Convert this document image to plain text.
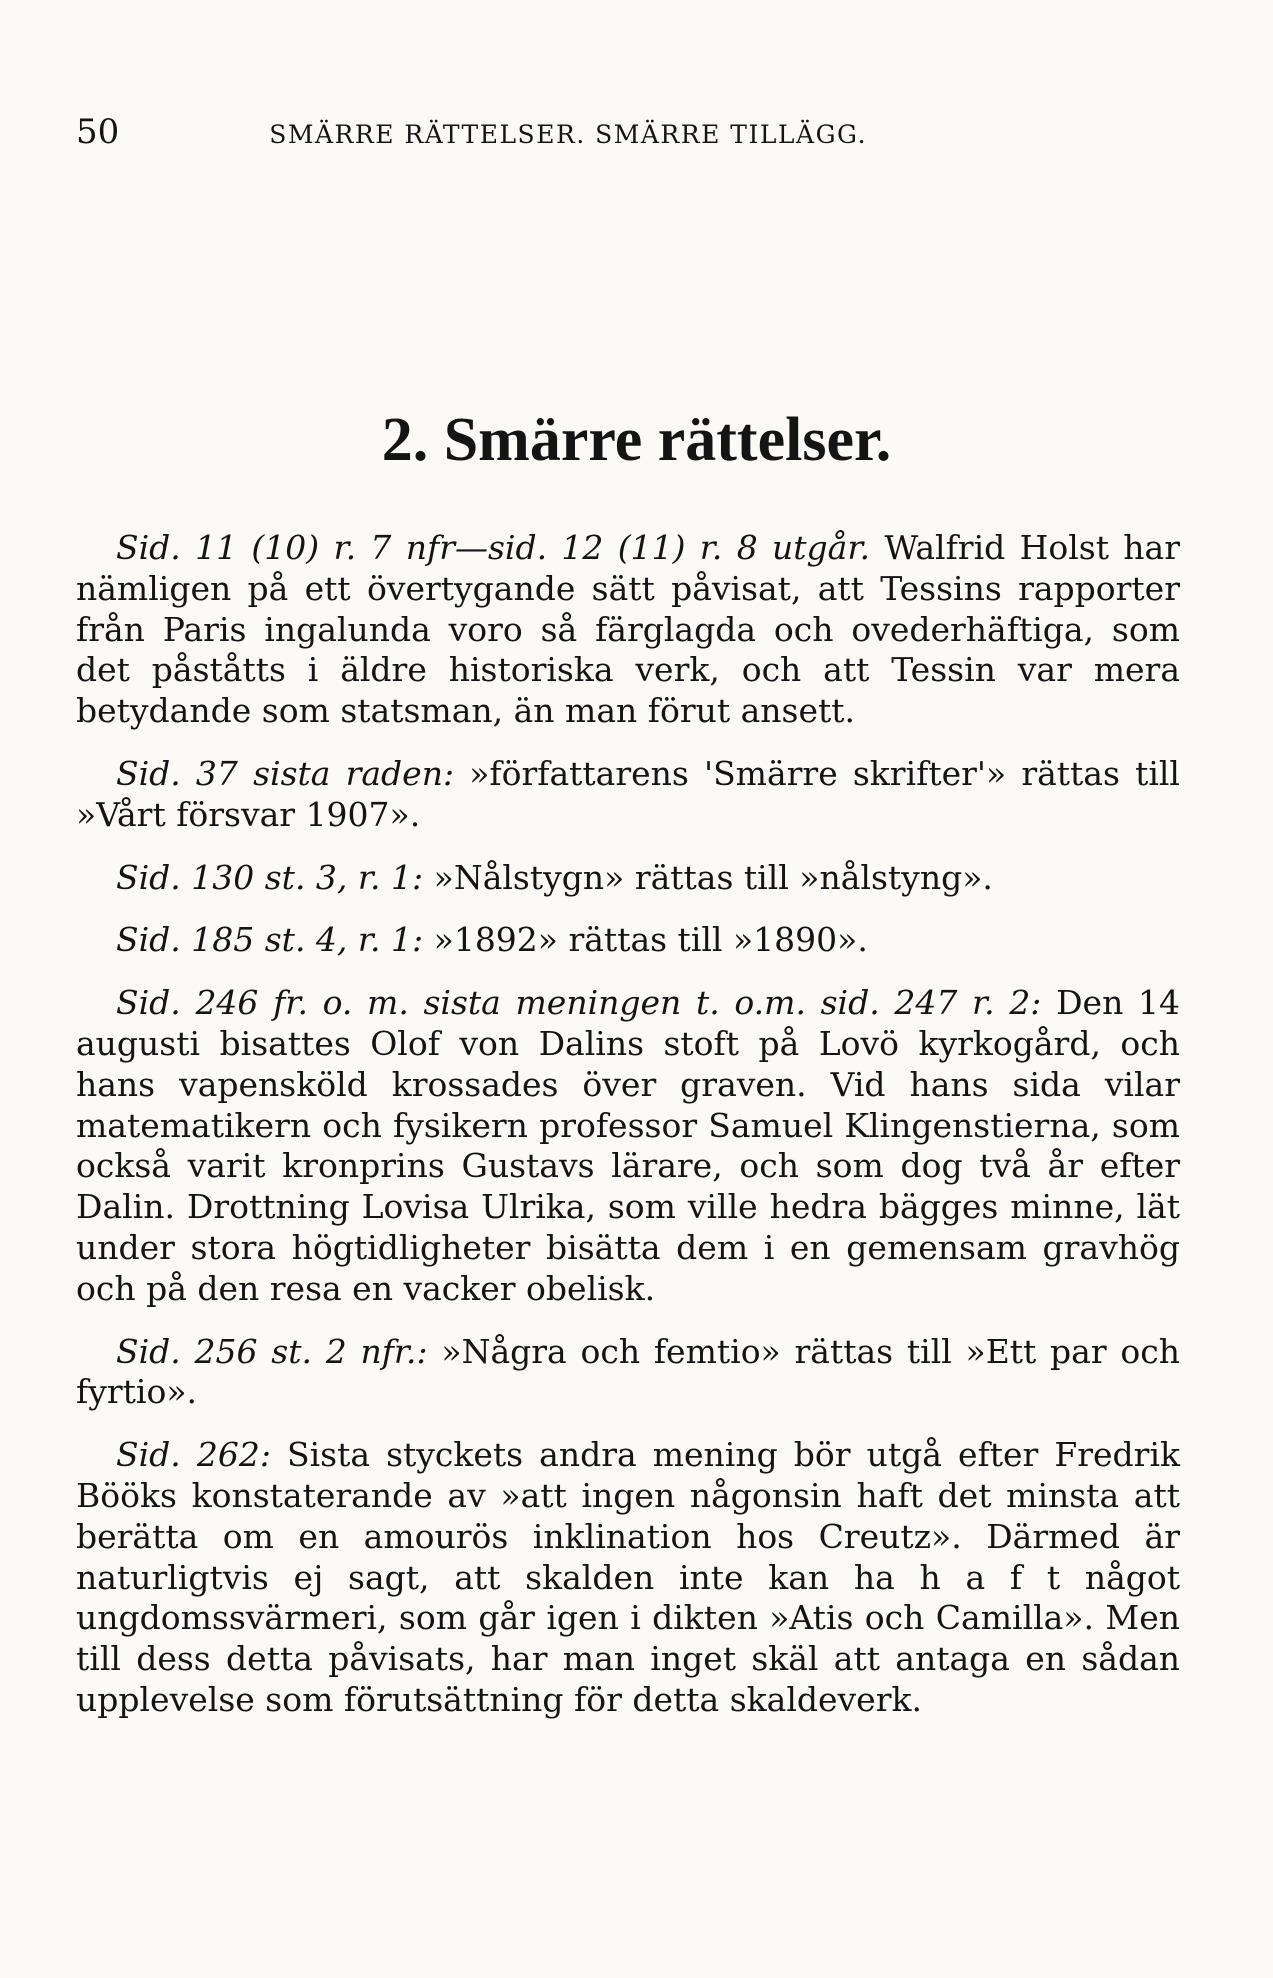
50	SMÄRRE RÄTTELSER. SMÄRRE TILLÄGG.
2. Smärre rättelser.

Sid. 11 (10) r. 7 nfr—sid. 12 (11) r. 8 utgår. Walfrid Holst har nämligen på ett övertygande sätt påvisat, att Tessins rapporter från Paris ingalunda voro så färglagda och ovederhäftiga, som det påståtts i äldre historiska verk, och att Tessin var mera betydande som statsman, än man förut ansett.

Sid. 37 sista raden: »författarens 'Smärre skrifter'» rättas till »Vårt försvar 1907».

Sid. 130 st. 3, r. 1: »Nålstygn» rättas till »nålstyng».

Sid. 185 st. 4, r. 1: »1892» rättas till »1890».

Sid. 246 fr. o. m. sista meningen t. o.m. sid. 247 r. 2: Den 14 augusti bisattes Olof von Dalins stoft på Lovö kyrkogård, och hans vapensköld krossades över graven. Vid hans sida vilar matematikern och fysikern professor Samuel Klingenstierna, som också varit kronprins Gustavs lärare, och som dog två år efter Dalin. Drottning Lovisa Ulrika, som ville hedra bägges minne, lät under stora högtidligheter bisätta dem i en gemensam gravhög och på den resa en vacker obelisk.

Sid. 256 st. 2 nfr.: »Några och femtio» rättas till »Ett par och fyrtio».

Sid. 262: Sista styckets andra mening bör utgå efter Fredrik Bööks konstaterande av »att ingen någonsin haft det minsta att berätta om en amourös inklination hos Creutz». Därmed är naturligtvis ej sagt, att skalden inte kan ha h a f t något ungdomssvärmeri, som går igen i dikten »Atis och Camilla». Men till dess detta påvisats, har man inget skäl att antaga en sådan upplevelse som förutsättning för detta skaldeverk.
